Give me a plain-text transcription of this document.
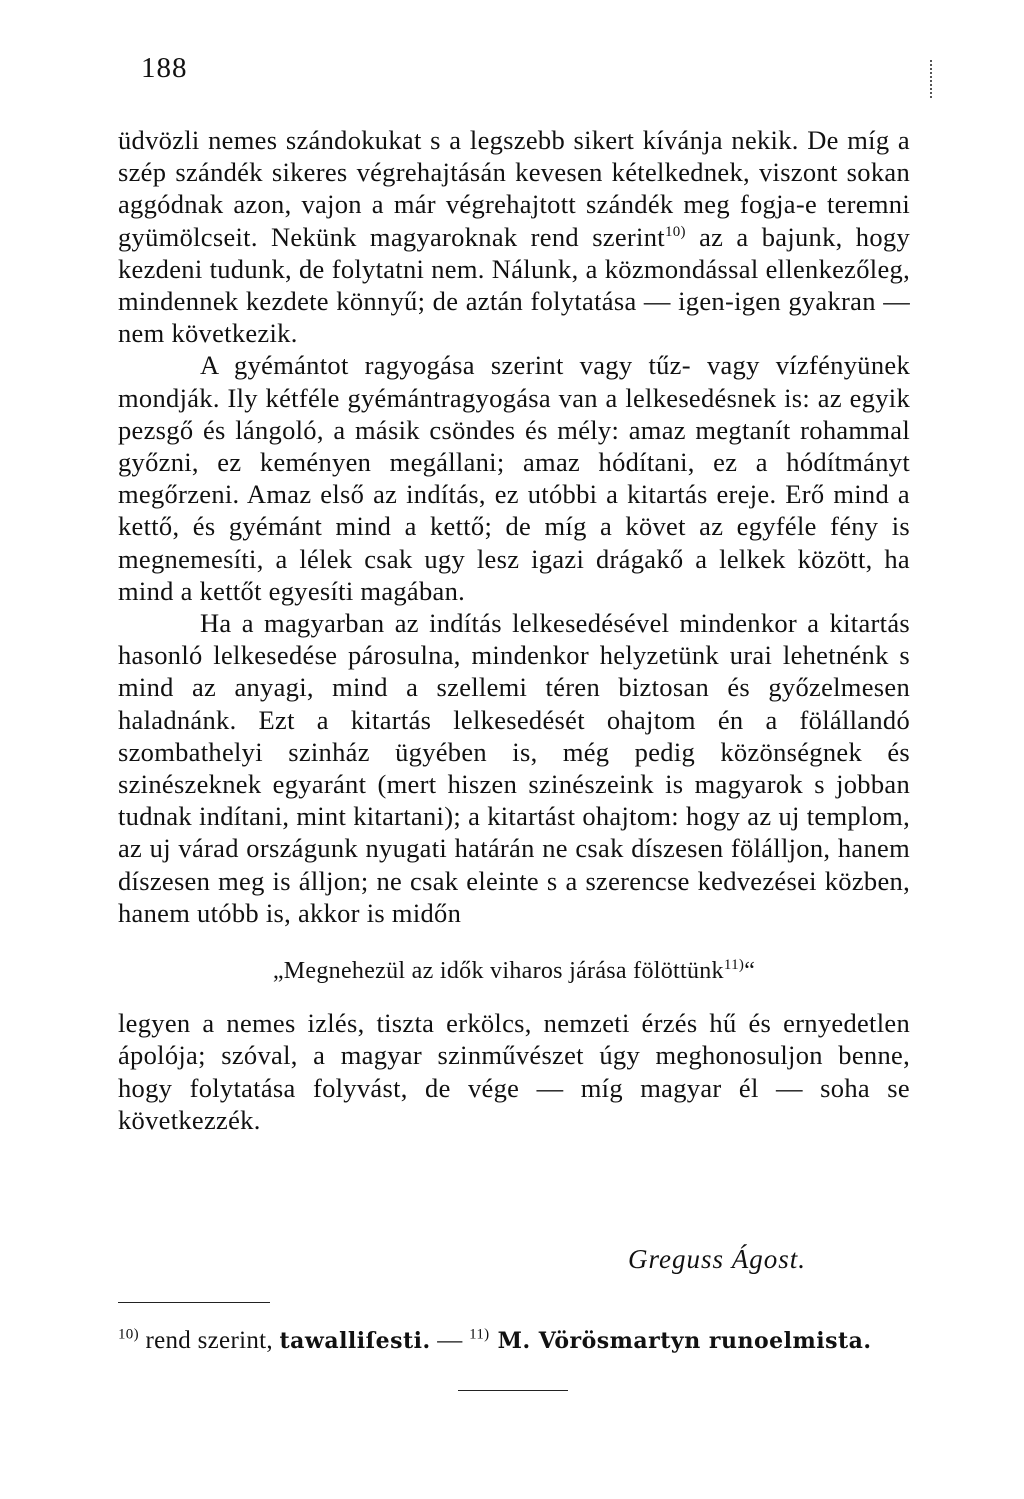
188

üdvözli nemes szándokukat s a legszebb sikert kívánja nekik. De míg a szép szándék sikeres végrehajtásán kevesen kételkednek, viszont sokan aggódnak azon, vajon a már végrehajtott szándék meg fogja-e teremni gyümölcseit. Nekünk magyaroknak rend szerint$^{10)}$ az a bajunk, hogy kezdeni tudunk, de folytatni nem. Nálunk, a közmondással ellenkezőleg, mindennek kezdete könnyű; de aztán folytatása — igen-igen gyakran — nem következik.

A gyémántot ragyogása szerint vagy tűz- vagy vízfényünek mondják. Ily kétféle gyémántragyogása van a lelkesedésnek is: az egyik pezsgő és lángoló, a másik csöndes és mély: amaz megtanít rohammal győzni, ez keményen megállani; amaz hódítani, ez a hódítmányt megőrzeni. Amaz első az indítás, ez utóbbi a kitartás ereje. Erő mind a kettő, és gyémánt mind a kettő; de míg a követ az egyféle fény is megnemesíti, a lélek csak ugy lesz igazi drágakő a lelkek között, ha mind a kettőt egyesíti magában.

Ha a magyarban az indítás lelkesedésével mindenkor a kitartás hasonló lelkesedése párosulna, mindenkor helyzetünk urai lehetnénk s mind az anyagi, mind a szellemi téren biztosan és győzelmesen haladnánk. Ezt a kitartás lelkesedését ohajtom én a fölállandó szombathelyi szinház ügyében is, még pedig közönségnek és szinészeknek egyaránt (mert hiszen szinészeink is magyarok s jobban tudnak indítani, mint kitartani); a kitartást ohajtom: hogy az uj templom, az uj várad országunk nyugati határán ne csak díszesen fölálljon, hanem díszesen meg is álljon; ne csak eleinte s a szerencse kedvezései közben, hanem utóbb is, akkor is midőn

„Megnehezül az idők viharos járása fölöttünk$^{11)}$“

legyen a nemes izlés, tiszta erkölcs, nemzeti érzés hű és ernyedetlen ápolója; szóval, a magyar szinművészet úgy meghonosuljon benne, hogy folytatása folyvást, de vége — míg magyar él — soha se következzék.

Greguss Ágost.
$^{10)}$ rend szerint, tawalliſesti. — $^{11)}$ M. Vörösmartyn runoelmista.
